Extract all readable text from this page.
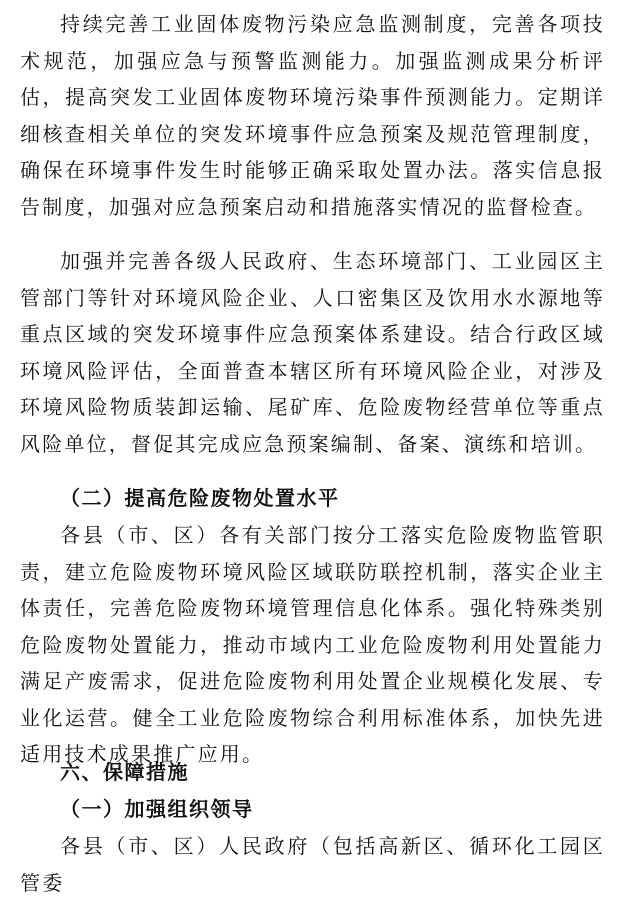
持续完善工业固体废物污染应急监测制度，完善各项技术规范，加强应急与预警监测能力。加强监测成果分析评估，提高突发工业固体废物环境污染事件预测能力。定期详细核查相关单位的突发环境事件应急预案及规范管理制度，确保在环境事件发生时能够正确采取处置办法。落实信息报告制度，加强对应急预案启动和措施落实情况的监督检查。

加强并完善各级人民政府、生态环境部门、工业园区主管部门等针对环境风险企业、人口密集区及饮用水水源地等重点区域的突发环境事件应急预案体系建设。结合行政区域环境风险评估，全面普查本辖区所有环境风险企业，对涉及环境风险物质装卸运输、尾矿库、危险废物经营单位等重点风险单位，督促其完成应急预案编制、备案、演练和培训。

（二）提高危险废物处置水平

各县（市、区）各有关部门按分工落实危险废物监管职责，建立危险废物环境风险区域联防联控机制，落实企业主体责任，完善危险废物环境管理信息化体系。强化特殊类别危险废物处置能力，推动市域内工业危险废物利用处置能力满足产废需求，促进危险废物利用处置企业规模化发展、专业化运营。健全工业危险废物综合利用标准体系，加快先进适用技术成果推广应用。

六、保障措施

（一）加强组织领导

各县（市、区）人民政府（包括高新区、循环化工园区管委
